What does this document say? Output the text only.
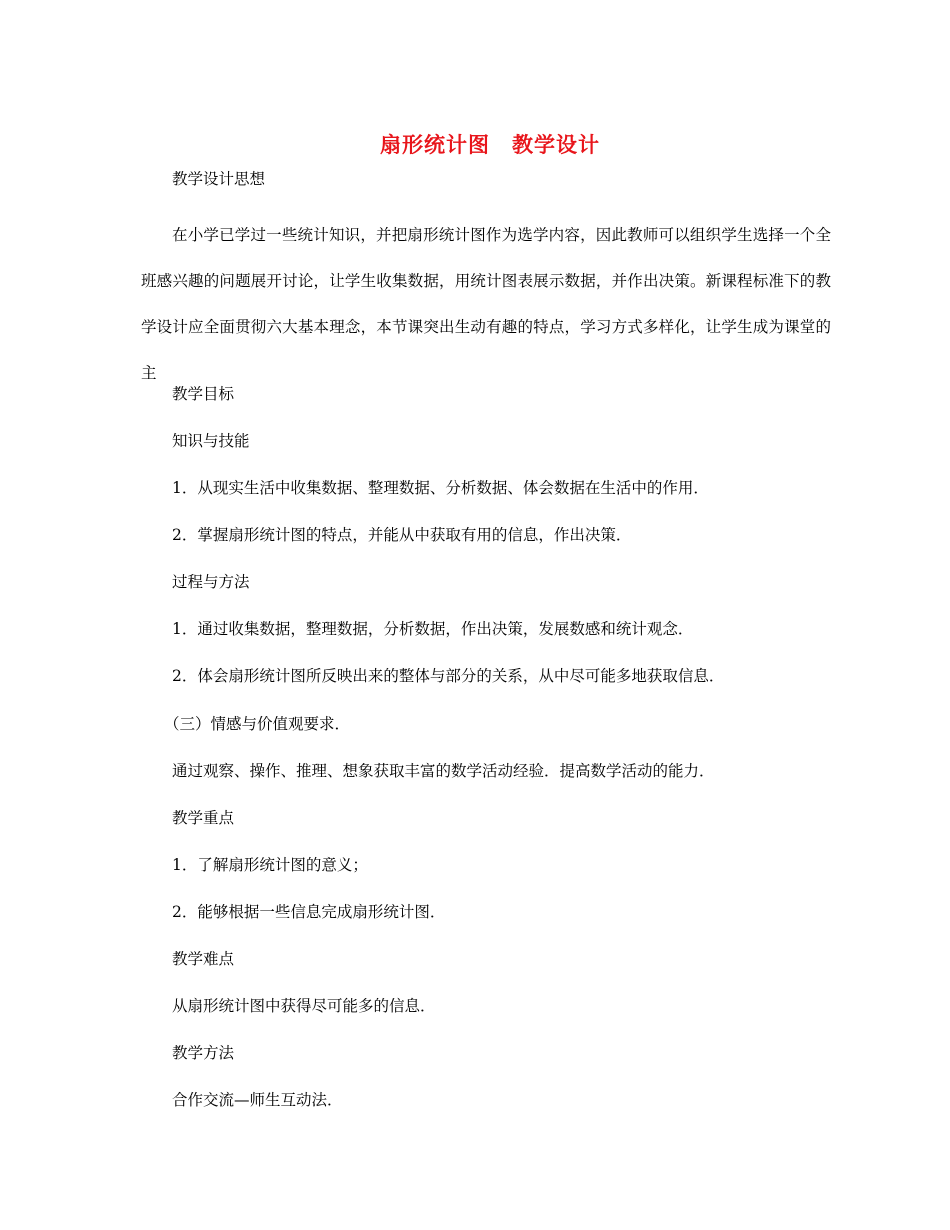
扇形统计图　教学设计
教学设计思想
在小学已学过一些统计知识，并把扇形统计图作为选学内容，因此教师可以组织学生选择一个全班感兴趣的问题展开讨论，让学生收集数据，用统计图表展示数据，并作出决策。新课程标准下的教学设计应全面贯彻六大基本理念，本节课突出生动有趣的特点，学习方式多样化，让学生成为课堂的主
教学目标
知识与技能
1．从现实生活中收集数据、整理数据、分析数据、体会数据在生活中的作用．
2．掌握扇形统计图的特点，并能从中获取有用的信息，作出决策．
过程与方法
1．通过收集数据，整理数据，分析数据，作出决策，发展数感和统计观念．
2．体会扇形统计图所反映出来的整体与部分的关系，从中尽可能多地获取信息．
（三）情感与价值观要求．
通过观察、操作、推理、想象获取丰富的数学活动经验．提高数学活动的能力．
教学重点
1．了解扇形统计图的意义；
2．能够根据一些信息完成扇形统计图．
教学难点
从扇形统计图中获得尽可能多的信息．
教学方法
合作交流—师生互动法．
